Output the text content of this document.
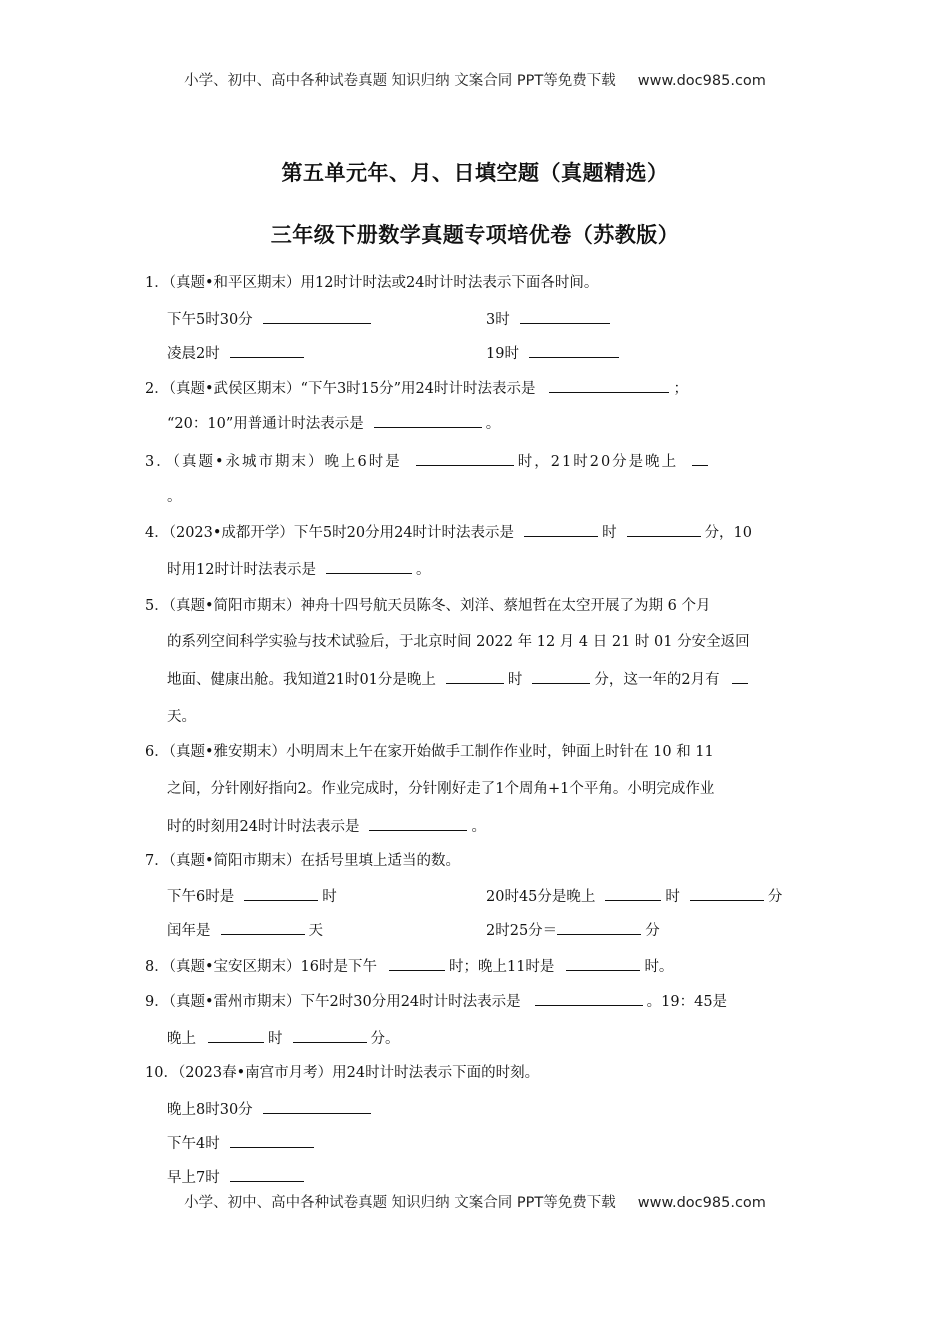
小学、初中、高中各种试卷真题 知识归纳 文案合同 PPT等免费下载 www.doc985.com
第五单元年、月、日填空题（真题精选）
三年级下册数学真题专项培优卷（苏教版）
1．（真题•和平区期末）用12时计时法或24时计时法表示下面各时间。
下午5时30分	3时
凌晨2时	19时
2．（真题•武侯区期末）“下午3时15分”用24时计时法表示是	；
“20：10”用普通计时法表示是	。
3．（真题•永城市期末）晚上6时是	时，21时20分是晚上
。
4．（2023•成都开学）下午5时20分用24时计时法表示是	时	分，10
时用12时计时法表示是	。
5．（真题•简阳市期末）神舟十四号航天员陈冬、刘洋、蔡旭哲在太空开展了为期 6 个月
的系列空间科学实验与技术试验后，于北京时间 2022 年 12 月 4 日 21 时 01 分安全返回
地面、健康出舱。我知道21时01分是晚上	时	分，这一年的2月有
天。
6．（真题•雅安期末）小明周末上午在家开始做手工制作作业时，钟面上时针在 10 和 11
之间，分针刚好指向2。作业完成时，分针刚好走了1个周角+1个平角。小明完成作业
时的时刻用24时计时法表示是	。
7．（真题•简阳市期末）在括号里填上适当的数。
下午6时是	时	20时45分是晚上	时	分
闰年是	天	2时25分＝	分
8．（真题•宝安区期末）16时是下午	时；晚上11时是	时。
9．（真题•雷州市期末）下午2时30分用24时计时法表示是	。19：45是
晚上	时	分。
10．（2023春•南宫市月考）用24时计时法表示下面的时刻。
晚上8时30分
下午4时
早上7时
小学、初中、高中各种试卷真题 知识归纳 文案合同 PPT等免费下载 www.doc985.com
